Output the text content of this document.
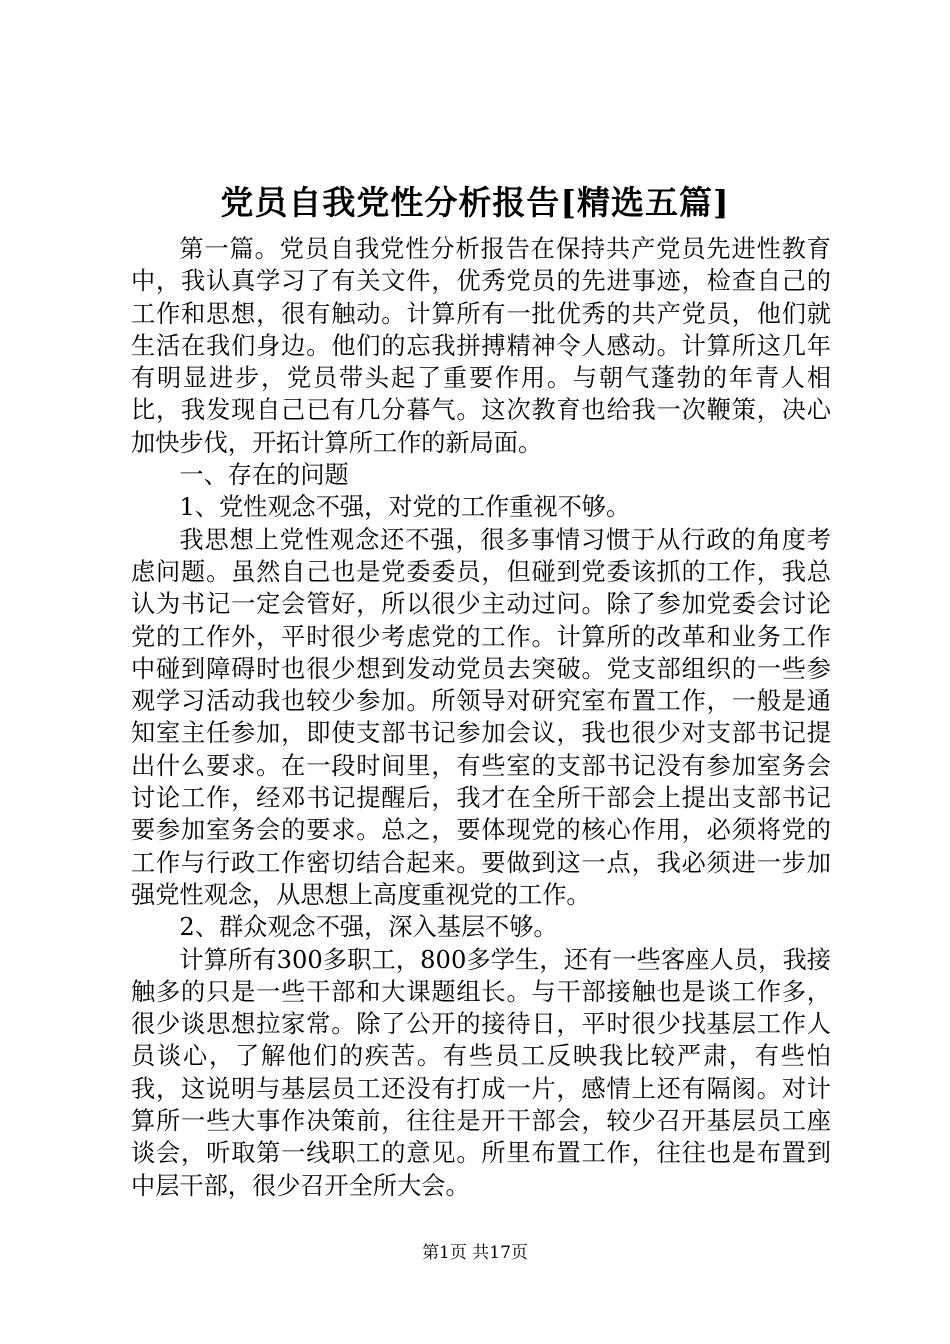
党员自我党性分析报告[精选五篇]

第一篇。党员自我党性分析报告在保持共产党员先进性教育中，我认真学习了有关文件，优秀党员的先进事迹，检查自己的工作和思想，很有触动。计算所有一批优秀的共产党员，他们就生活在我们身边。他们的忘我拼搏精神令人感动。计算所这几年有明显进步，党员带头起了重要作用。与朝气蓬勃的年青人相比，我发现自己已有几分暮气。这次教育也给我一次鞭策，决心加快步伐，开拓计算所工作的新局面。

一、存在的问题

1、党性观念不强，对党的工作重视不够。

我思想上党性观念还不强，很多事情习惯于从行政的角度考虑问题。虽然自己也是党委委员，但碰到党委该抓的工作，我总认为书记一定会管好，所以很少主动过问。除了参加党委会讨论党的工作外，平时很少考虑党的工作。计算所的改革和业务工作中碰到障碍时也很少想到发动党员去突破。党支部组织的一些参观学习活动我也较少参加。所领导对研究室布置工作，一般是通知室主任参加，即使支部书记参加会议，我也很少对支部书记提出什么要求。在一段时间里，有些室的支部书记没有参加室务会讨论工作，经邓书记提醒后，我才在全所干部会上提出支部书记要参加室务会的要求。总之，要体现党的核心作用，必须将党的工作与行政工作密切结合起来。要做到这一点，我必须进一步加强党性观念，从思想上高度重视党的工作。

2、群众观念不强，深入基层不够。

计算所有300多职工，800多学生，还有一些客座人员，我接触多的只是一些干部和大课题组长。与干部接触也是谈工作多，很少谈思想拉家常。除了公开的接待日，平时很少找基层工作人员谈心，了解他们的疾苦。有些员工反映我比较严肃，有些怕我，这说明与基层员工还没有打成一片，感情上还有隔阂。对计算所一些大事作决策前，往往是开干部会，较少召开基层员工座谈会，听取第一线职工的意见。所里布置工作，往往也是布置到中层干部，很少召开全所大会。

第1页 共17页
